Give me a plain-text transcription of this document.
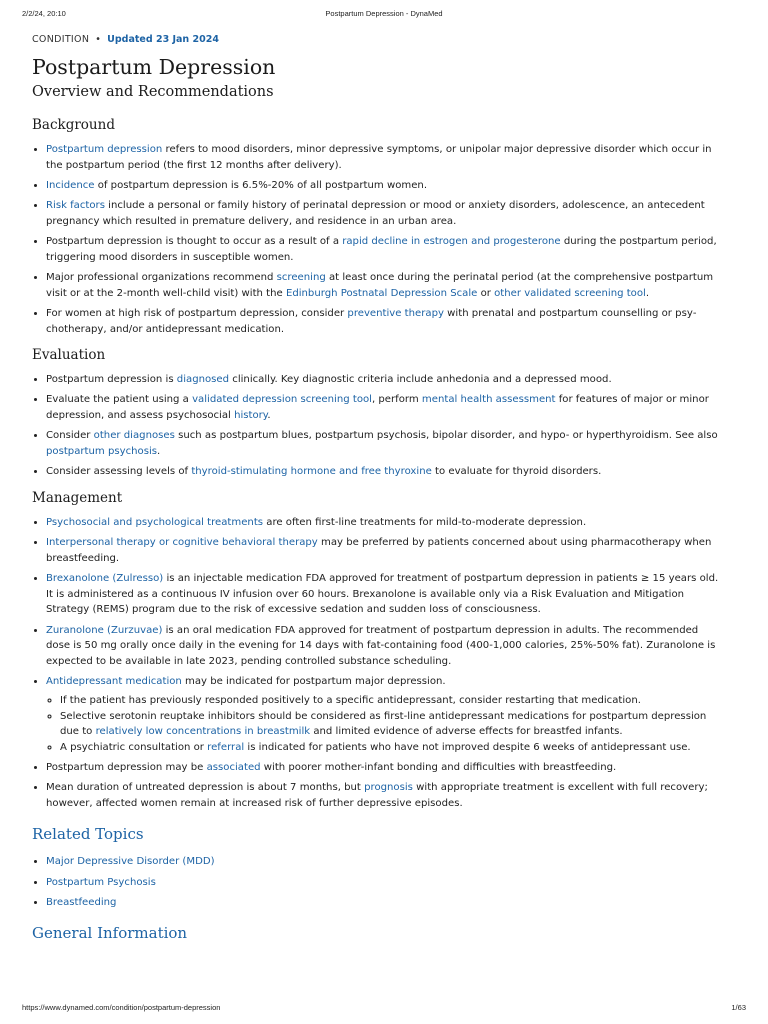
2/2/24, 20:10	Postpartum Depression - DynaMed
CONDITION • Updated 23 Jan 2024
Postpartum Depression
Overview and Recommendations
Background
• Postpartum depression refers to mood disorders, minor depressive symptoms, or unipolar major depressive disorder which occur in the postpartum period (the first 12 months after delivery).
• Incidence of postpartum depression is 6.5%-20% of all postpartum women.
• Risk factors include a personal or family history of perinatal depression or mood or anxiety disorders, adolescence, an antecedent pregnancy which resulted in premature delivery, and residence in an urban area.
• Postpartum depression is thought to occur as a result of a rapid decline in estrogen and progesterone during the postpartum period, triggering mood disorders in susceptible women.
• Major professional organizations recommend screening at least once during the perinatal period (at the comprehensive postpartum visit or at the 2-month well-child visit) with the Edinburgh Postnatal Depression Scale or other validated screening tool.
• For women at high risk of postpartum depression, consider preventive therapy with prenatal and postpartum counselling or psychotherapy, and/or antidepressant medication.
Evaluation
• Postpartum depression is diagnosed clinically. Key diagnostic criteria include anhedonia and a depressed mood.
• Evaluate the patient using a validated depression screening tool, perform mental health assessment for features of major or minor depression, and assess psychosocial history.
• Consider other diagnoses such as postpartum blues, postpartum psychosis, bipolar disorder, and hypo- or hyperthyroidism. See also postpartum psychosis.
• Consider assessing levels of thyroid-stimulating hormone and free thyroxine to evaluate for thyroid disorders.
Management
• Psychosocial and psychological treatments are often first-line treatments for mild-to-moderate depression.
• Interpersonal therapy or cognitive behavioral therapy may be preferred by patients concerned about using pharmacotherapy when breastfeeding.
• Brexanolone (Zulresso) is an injectable medication FDA approved for treatment of postpartum depression in patients ≥ 15 years old. It is administered as a continuous IV infusion over 60 hours. Brexanolone is available only via a Risk Evaluation and Mitigation Strategy (REMS) program due to the risk of excessive sedation and sudden loss of consciousness.
• Zuranolone (Zurzuvae) is an oral medication FDA approved for treatment of postpartum depression in adults. The recommended dose is 50 mg orally once daily in the evening for 14 days with fat-containing food (400-1,000 calories, 25%-50% fat). Zuranolone is expected to be available in late 2023, pending controlled substance scheduling.
• Antidepressant medication may be indicated for postpartum major depression.
◦ If the patient has previously responded positively to a specific antidepressant, consider restarting that medication.
◦ Selective serotonin reuptake inhibitors should be considered as first-line antidepressant medications for postpartum depression due to relatively low concentrations in breastmilk and limited evidence of adverse effects for breastfed infants.
◦ A psychiatric consultation or referral is indicated for patients who have not improved despite 6 weeks of antidepressant use.
• Postpartum depression may be associated with poorer mother-infant bonding and difficulties with breastfeeding.
• Mean duration of untreated depression is about 7 months, but prognosis with appropriate treatment is excellent with full recovery; however, affected women remain at increased risk of further depressive episodes.
Related Topics
• Major Depressive Disorder (MDD)
• Postpartum Psychosis
• Breastfeeding
General Information
https://www.dynamed.com/condition/postpartum-depression	1/63
